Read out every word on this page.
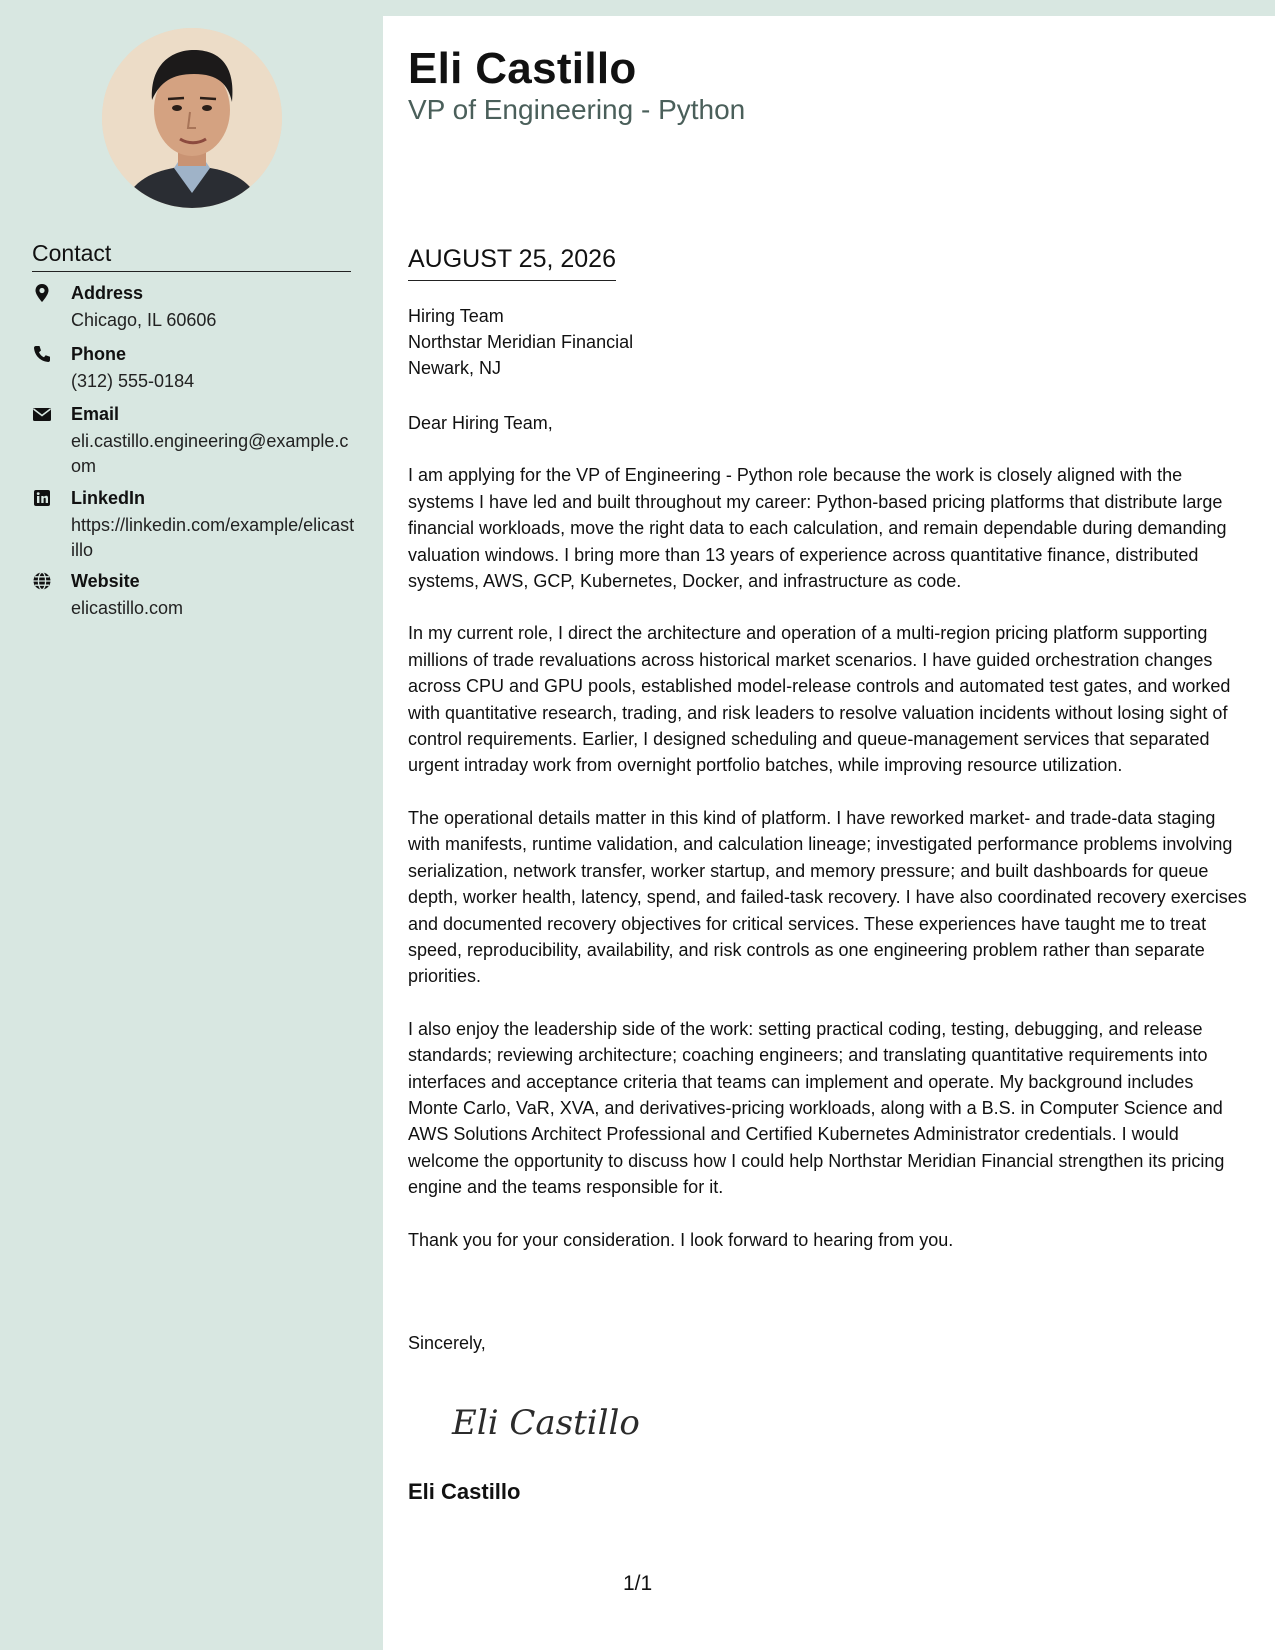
Contact
Address
Chicago, IL 60606
Phone
(312) 555-0184
Email
eli.castillo.engineering@example.com
LinkedIn
https://linkedin.com/example/elicastillo
Website
elicastillo.com
Eli Castillo
VP of Engineering - Python
AUGUST 25, 2026
Hiring Team
Northstar Meridian Financial
Newark, NJ

Dear Hiring Team,

I am applying for the VP of Engineering - Python role because the work is closely aligned with the systems I have led and built throughout my career: Python-based pricing platforms that distribute large financial workloads, move the right data to each calculation, and remain dependable during demanding valuation windows. I bring more than 13 years of experience across quantitative finance, distributed systems, AWS, GCP, Kubernetes, Docker, and infrastructure as code.

In my current role, I direct the architecture and operation of a multi-region pricing platform supporting millions of trade revaluations across historical market scenarios. I have guided orchestration changes across CPU and GPU pools, established model-release controls and automated test gates, and worked with quantitative research, trading, and risk leaders to resolve valuation incidents without losing sight of control requirements. Earlier, I designed scheduling and queue-management services that separated urgent intraday work from overnight portfolio batches, while improving resource utilization.

The operational details matter in this kind of platform. I have reworked market- and trade-data staging with manifests, runtime validation, and calculation lineage; investigated performance problems involving serialization, network transfer, worker startup, and memory pressure; and built dashboards for queue depth, worker health, latency, spend, and failed-task recovery. I have also coordinated recovery exercises and documented recovery objectives for critical services. These experiences have taught me to treat speed, reproducibility, availability, and risk controls as one engineering problem rather than separate priorities.

I also enjoy the leadership side of the work: setting practical coding, testing, debugging, and release standards; reviewing architecture; coaching engineers; and translating quantitative requirements into interfaces and acceptance criteria that teams can implement and operate. My background includes Monte Carlo, VaR, XVA, and derivatives-pricing workloads, along with a B.S. in Computer Science and AWS Solutions Architect Professional and Certified Kubernetes Administrator credentials. I would welcome the opportunity to discuss how I could help Northstar Meridian Financial strengthen its pricing engine and the teams responsible for it.

Thank you for your consideration. I look forward to hearing from you.

Sincerely,
Eli Castillo
Eli Castillo
1/1
